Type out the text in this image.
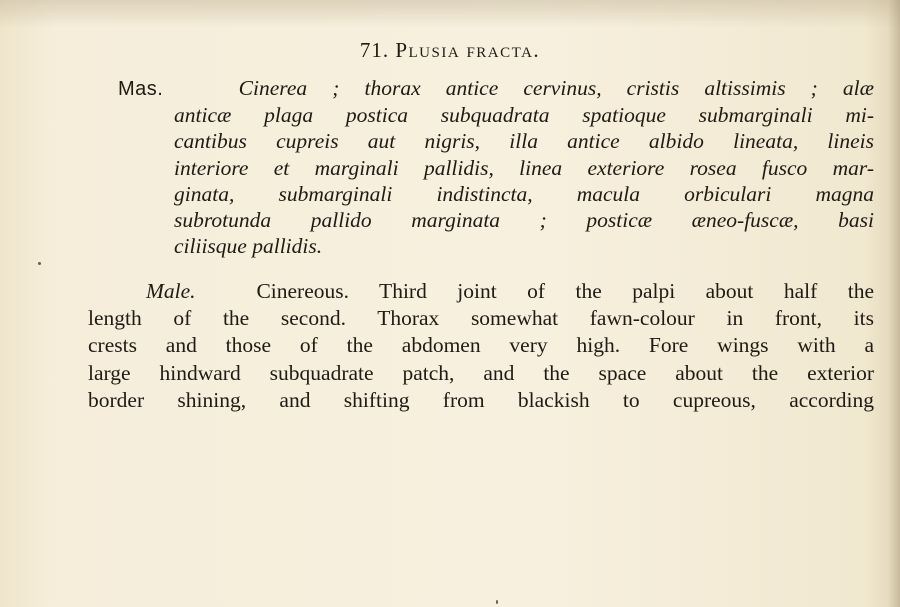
71. Plusia fracta.
Mas.	Cinerea ; thorax antice cervinus, cristis altissimis ; alæ
anticæ plaga postica subquadrata spatioque submarginali mi-
cantibus cupreis aut nigris, illa antice albido lineata, lineis
interiore et marginali pallidis, linea exteriore rosea fusco mar-
ginata, submarginali indistincta, macula orbiculari magna
subrotunda pallido marginata ; posticæ æneo-fuscæ, basi
ciliisque pallidis.
Male.	Cinereous. Third joint of the palpi about half the
length of the second. Thorax somewhat fawn-colour in front, its
crests and those of the abdomen very high. Fore wings with a
large hindward subquadrate patch, and the space about the exterior
border shining, and shifting from blackish to cupreous, according
